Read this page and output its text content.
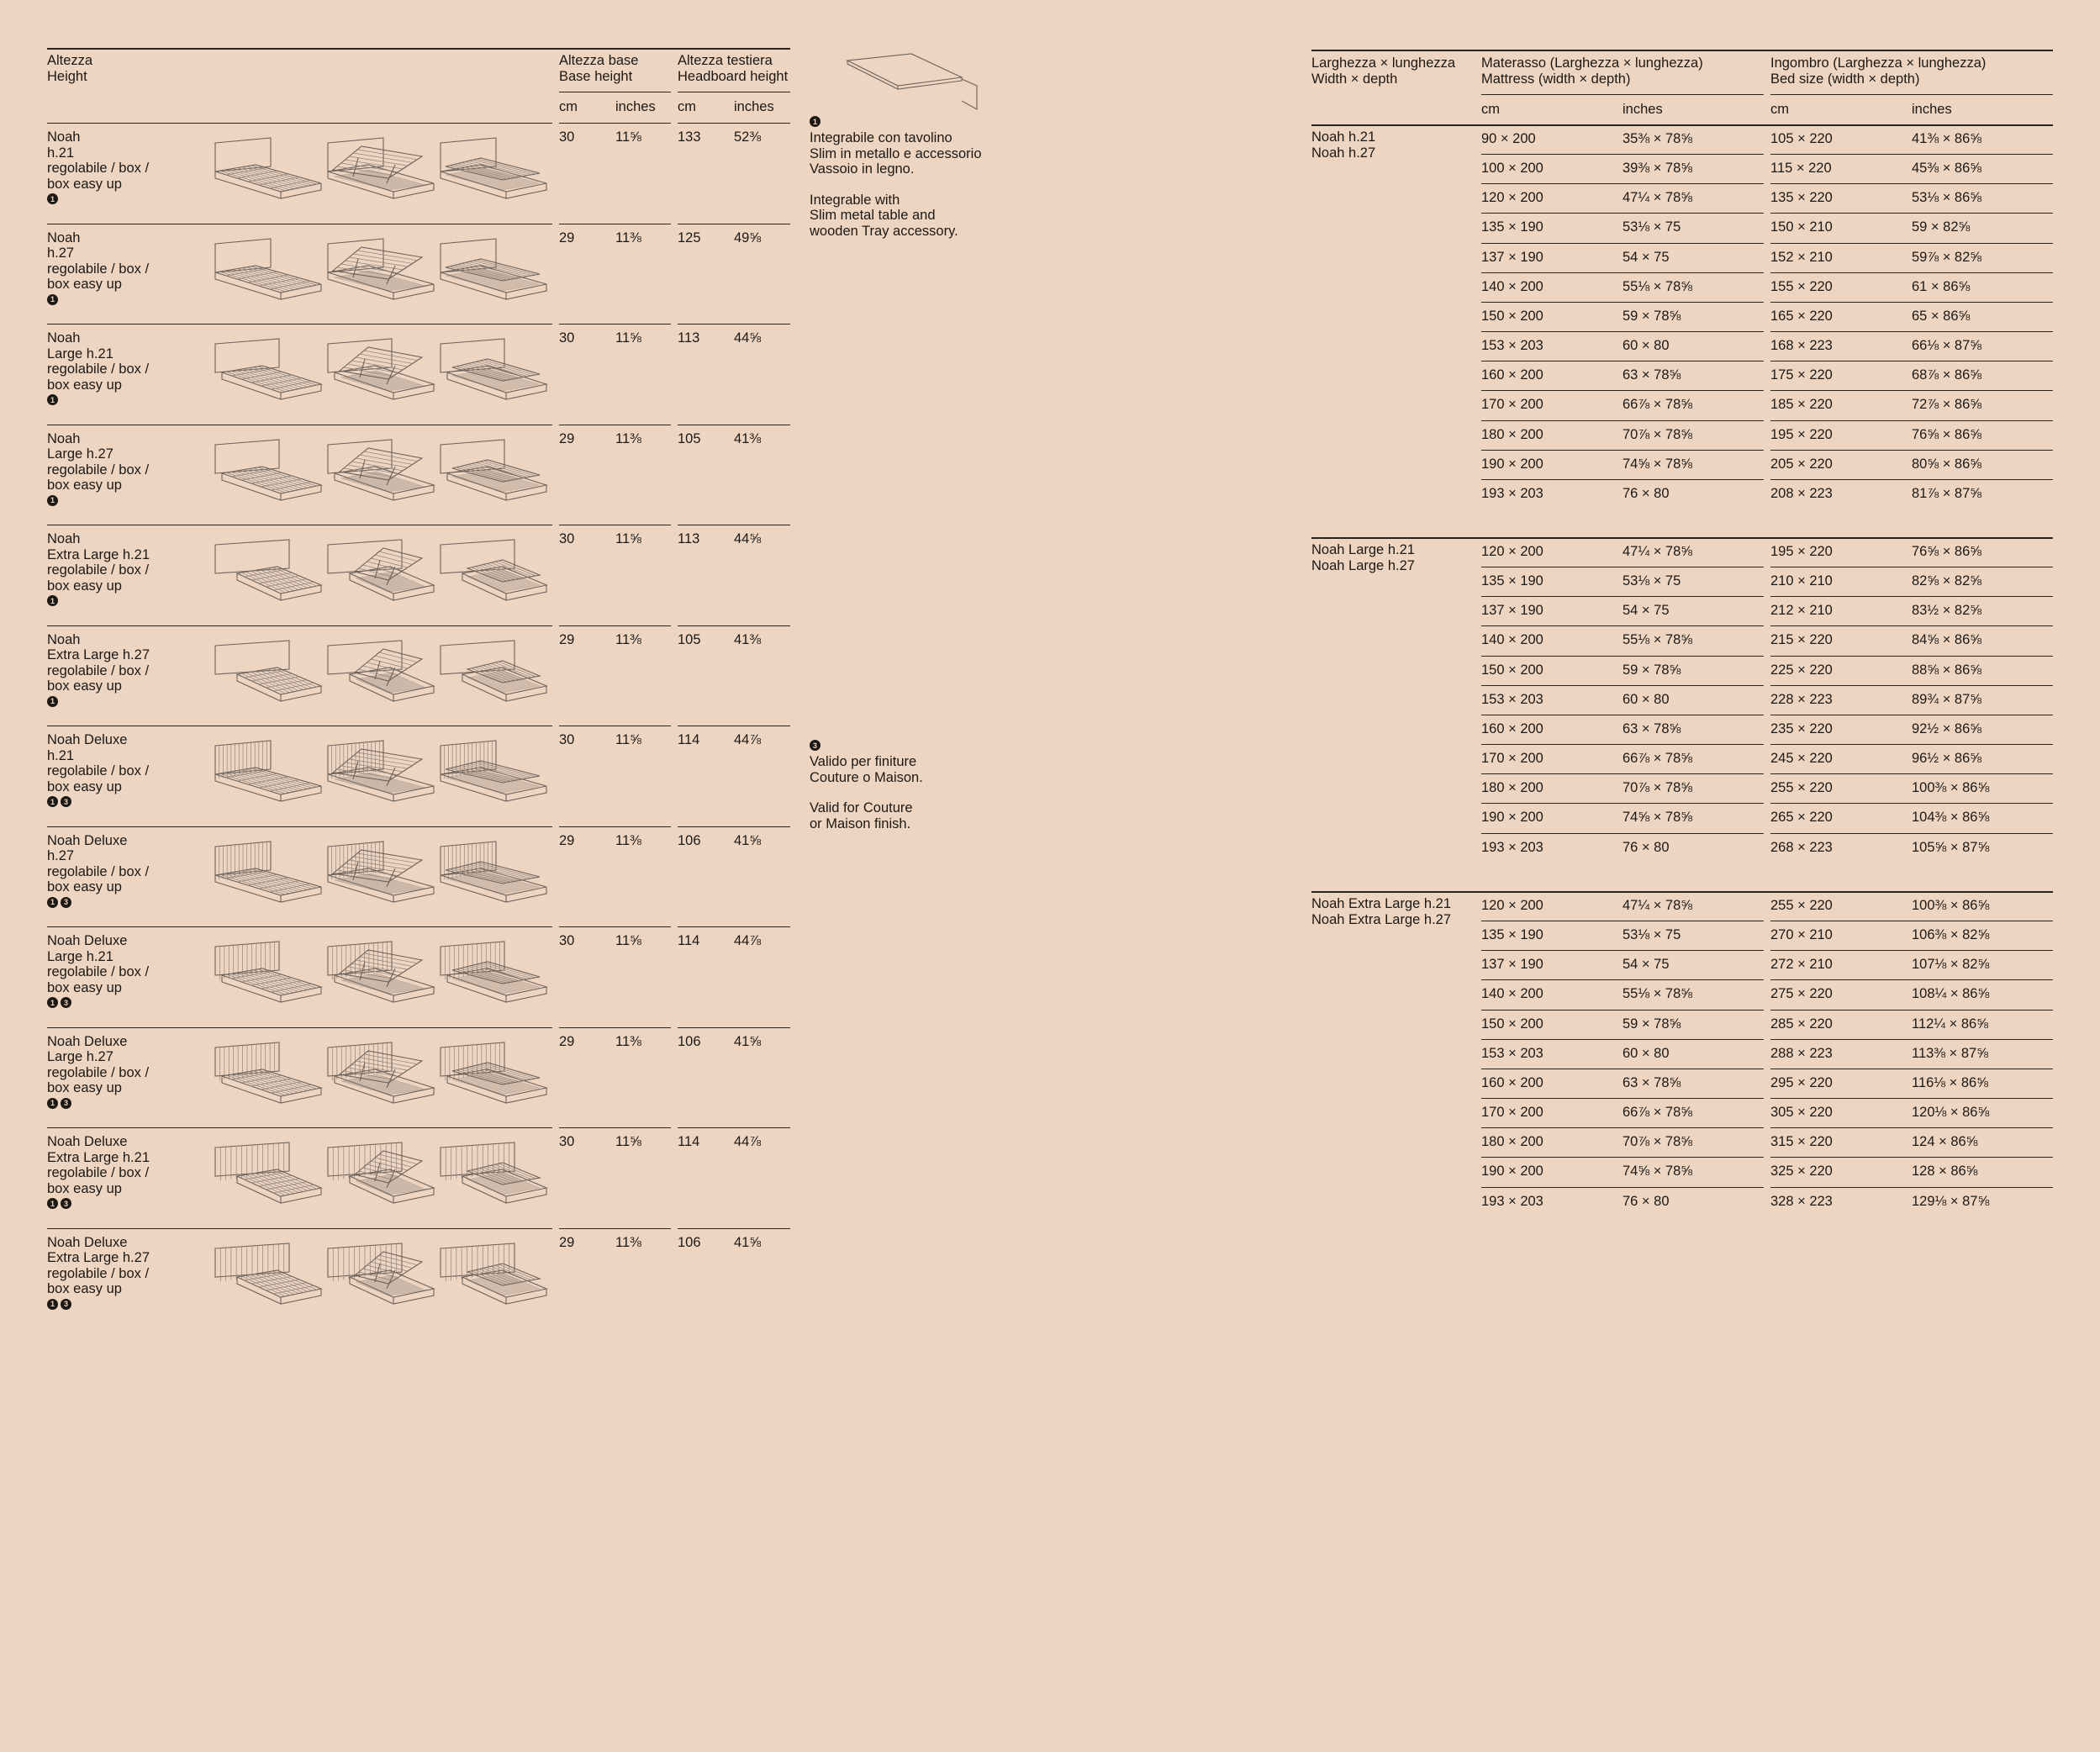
Altezza
Height
Altezza base
Base height
Altezza testiera
Headboard height
cm	inches cm	inches
Noah
h.21
regolabile / box /
box easy up
1
30	11⅝	133 52⅜
Noah
h.27
regolabile / box /
box easy up
1
29	11⅜	125 49⅝
Noah
Large h.21
regolabile / box /
box easy up
1
30	11⅝	113 44⅝
Noah
Large h.27
regolabile / box /
box easy up
1
29	11⅜	105 41⅜
Noah
Extra Large h.21
regolabile / box /
box easy up
1
30	11⅝	113 44⅝
Noah
Extra Large h.27
regolabile / box /
box easy up
1
29	11⅜	105 41⅜
Noah Deluxe
h.21
regolabile / box /
box easy up
1 3
30	11⅝	114 44⅞
Noah Deluxe
h.27
regolabile / box /
box easy up
1 3
29	11⅜	106 41⅝
Noah Deluxe
Large h.21
regolabile / box /
box easy up
1 3
30	11⅝	114 44⅞
Noah Deluxe
Large h.27
regolabile / box /
box easy up
1 3
29	11⅜	106 41⅝
Noah Deluxe
Extra Large h.21
regolabile / box /
box easy up
1 3
30	11⅝	114 44⅞
Noah Deluxe
Extra Large h.27
regolabile / box /
box easy up
1 3
29	11⅜	106 41⅝
1
Integrabile con tavolino
Slim in metallo e accessorio
Vassoio in legno.
Integrable with
Slim metal table and
wooden Tray accessory.
3
Valido per finiture
Couture o Maison.
Valid for Couture
or Maison finish.
Larghezza × lunghezza
Width × depth
Materasso (Larghezza × lunghezza)
Mattress (width × depth)
Ingombro (Larghezza × lunghezza)
Bed size (width × depth)
cm	inches	cm	inches
Noah h.21
Noah h.27
90 × 200	35⅜ × 78⅝	105 × 220	41⅜ × 86⅝
100 × 200	39⅜ × 78⅝	115 × 220	45⅜ × 86⅝
120 × 200	47¼ × 78⅝	135 × 220	53⅛ × 86⅝
135 × 190	53⅛ × 75	150 × 210	59 × 82⅝
137 × 190	54 × 75	152 × 210	59⅞ × 82⅝
140 × 200	55⅛ × 78⅝	155 × 220	61 × 86⅝
150 × 200	59 × 78⅝	165 × 220	65 × 86⅝
153 × 203	60 × 80	168 × 223	66⅛ × 87⅝
160 × 200	63 × 78⅝	175 × 220	68⅞ × 86⅝
170 × 200	66⅞ × 78⅝	185 × 220	72⅞ × 86⅝
180 × 200	70⅞ × 78⅝	195 × 220	76⅝ × 86⅝
190 × 200	74⅝ × 78⅝	205 × 220	80⅝ × 86⅝
193 × 203	76 × 80	208 × 223	81⅞ × 87⅝
Noah Large h.21
Noah Large h.27
120 × 200	47¼ × 78⅝	195 × 220	76⅝ × 86⅝
135 × 190	53⅛ × 75	210 × 210	82⅝ × 82⅝
137 × 190	54 × 75	212 × 210	83½ × 82⅝
140 × 200	55⅛ × 78⅝	215 × 220	84⅝ × 86⅝
150 × 200	59 × 78⅝	225 × 220	88⅝ × 86⅝
153 × 203	60 × 80	228 × 223	89¾ × 87⅝
160 × 200	63 × 78⅝	235 × 220	92½ × 86⅝
170 × 200	66⅞ × 78⅝	245 × 220	96½ × 86⅝
180 × 200	70⅞ × 78⅝	255 × 220	100⅜ × 86⅝
190 × 200	74⅝ × 78⅝	265 × 220	104⅜ × 86⅝
193 × 203	76 × 80	268 × 223	105⅝ × 87⅝
Noah Extra Large h.21
Noah Extra Large h.27
120 × 200	47¼ × 78⅝	255 × 220	100⅜ × 86⅝
135 × 190	53⅛ × 75	270 × 210	106⅜ × 82⅝
137 × 190	54 × 75	272 × 210	107⅛ × 82⅝
140 × 200	55⅛ × 78⅝	275 × 220	108¼ × 86⅝
150 × 200	59 × 78⅝	285 × 220	112¼ × 86⅝
153 × 203	60 × 80	288 × 223	113⅜ × 87⅝
160 × 200	63 × 78⅝	295 × 220	116⅛ × 86⅝
170 × 200	66⅞ × 78⅝	305 × 220	120⅛ × 86⅝
180 × 200	70⅞ × 78⅝	315 × 220	124 × 86⅝
190 × 200	74⅝ × 78⅝	325 × 220	128 × 86⅝
193 × 203	76 × 80	328 × 223	129⅛ × 87⅝
